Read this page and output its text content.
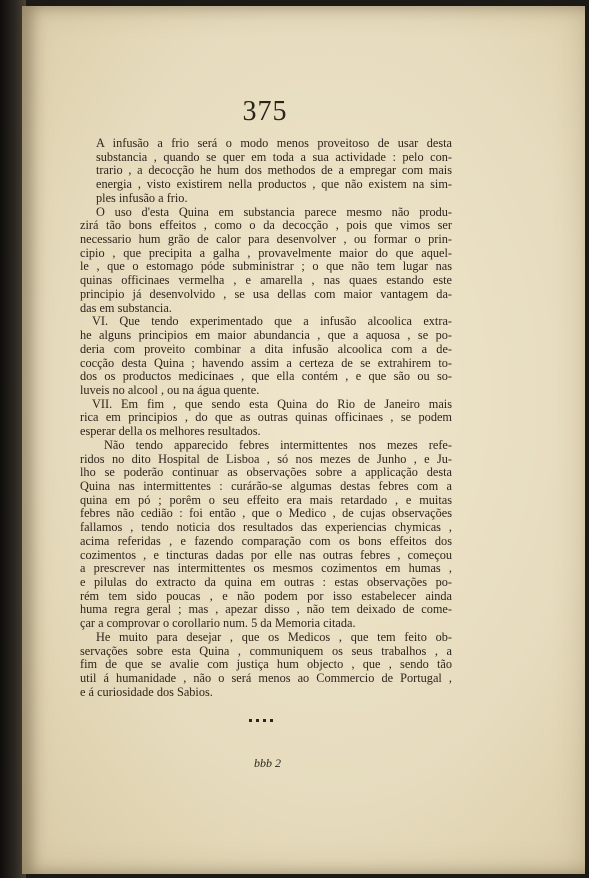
375
A infusão a frio será o modo menos proveitoso de usar desta
substancia , quando se quer em toda a sua actividade : pelo con-
trario , a decocção he hum dos methodos de a empregar com mais
energia , visto existirem nella productos , que não existem na sim-
ples infusão a frio.
O uso d'esta Quina em substancia parece mesmo não produ-
zirá tão bons effeitos , como o da decocção , pois que vimos ser
necessario hum grão de calor para desenvolver , ou formar o prin-
cipio , que precipita a galha , provavelmente maior do que aquel-
le , que o estomago póde subministrar ; o que não tem lugar nas
quinas officinaes vermelha , e amarella , nas quaes estando este
principio já desenvolvido , se usa dellas com maior vantagem da-
das em substancia.
VI. Que tendo experimentado que a infusão alcoolica extra-
he alguns principios em maior abundancia , que a aquosa , se po-
deria com proveito combinar a dita infusão alcoolica com a de-
cocção desta Quina ; havendo assim a certeza de se extrahirem to-
dos os productos medicinaes , que ella contém , e que são ou so-
luveis no alcool , ou na água quente.
VII. Em fim , que sendo esta Quina do Rio de Janeiro mais
rica em principios , do que as outras quinas officinaes , se podem
esperar della os melhores resultados.
Não tendo apparecido febres intermittentes nos mezes refe-
ridos no dito Hospital de Lisboa , só nos mezes de Junho , e Ju-
lho se poderão continuar as observações sobre a applicação desta
Quina nas intermittentes : curárão-se algumas destas febres com a
quina em pó ; porêm o seu effeito era mais retardado , e muitas
febres não cedião : foi então , que o Medico , de cujas observações
fallamos , tendo noticia dos resultados das experiencias chymicas ,
acima referidas , e fazendo comparação com os bons effeitos dos
cozimentos , e tincturas dadas por elle nas outras febres , começou
a prescrever nas intermittentes os mesmos cozimentos em humas ,
e pilulas do extracto da quina em outras : estas observações po-
rém tem sido poucas , e não podem por isso estabelecer ainda
huma regra geral ; mas , apezar disso , não tem deixado de come-
çar a comprovar o corollario num. 5 da Memoria citada.
He muito para desejar , que os Medicos , que tem feito ob-
servações sobre esta Quina , communiquem os seus trabalhos , a
fim de que se avalie com justiça hum objecto , que , sendo tão
util á humanidade , não o será menos ao Commercio de Portugal ,
e á curiosidade dos Sabios.
bbb 2
